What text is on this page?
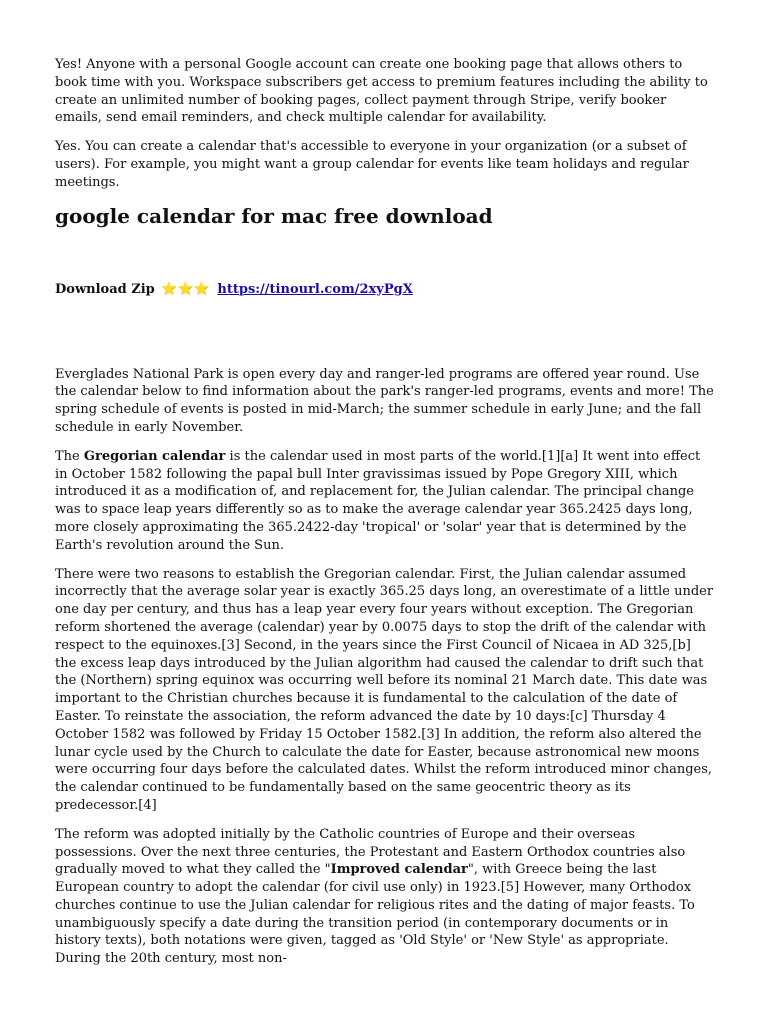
Yes! Anyone with a personal Google account can create one booking page that allows others to book time with you. Workspace subscribers get access to premium features including the ability to create an unlimited number of booking pages, collect payment through Stripe, verify booker emails, send email reminders, and check multiple calendar for availability.

Yes. You can create a calendar that's accessible to everyone in your organization (or a subset of users). For example, you might want a group calendar for events like team holidays and regular meetings.

google calendar for mac free download

Download Zip ⭐⭐⭐ https://tinourl.com/2xyPgX

Everglades National Park is open every day and ranger-led programs are offered year round. Use the calendar below to find information about the park's ranger-led programs, events and more! The spring schedule of events is posted in mid-March; the summer schedule in early June; and the fall schedule in early November.

The Gregorian calendar is the calendar used in most parts of the world.[1][a] It went into effect in October 1582 following the papal bull Inter gravissimas issued by Pope Gregory XIII, which introduced it as a modification of, and replacement for, the Julian calendar. The principal change was to space leap years differently so as to make the average calendar year 365.2425 days long, more closely approximating the 365.2422-day 'tropical' or 'solar' year that is determined by the Earth's revolution around the Sun.

There were two reasons to establish the Gregorian calendar. First, the Julian calendar assumed incorrectly that the average solar year is exactly 365.25 days long, an overestimate of a little under one day per century, and thus has a leap year every four years without exception. The Gregorian reform shortened the average (calendar) year by 0.0075 days to stop the drift of the calendar with respect to the equinoxes.[3] Second, in the years since the First Council of Nicaea in AD 325,[b] the excess leap days introduced by the Julian algorithm had caused the calendar to drift such that the (Northern) spring equinox was occurring well before its nominal 21 March date. This date was important to the Christian churches because it is fundamental to the calculation of the date of Easter. To reinstate the association, the reform advanced the date by 10 days:[c] Thursday 4 October 1582 was followed by Friday 15 October 1582.[3] In addition, the reform also altered the lunar cycle used by the Church to calculate the date for Easter, because astronomical new moons were occurring four days before the calculated dates. Whilst the reform introduced minor changes, the calendar continued to be fundamentally based on the same geocentric theory as its predecessor.[4]

The reform was adopted initially by the Catholic countries of Europe and their overseas possessions. Over the next three centuries, the Protestant and Eastern Orthodox countries also gradually moved to what they called the "Improved calendar", with Greece being the last European country to adopt the calendar (for civil use only) in 1923.[5] However, many Orthodox churches continue to use the Julian calendar for religious rites and the dating of major feasts. To unambiguously specify a date during the transition period (in contemporary documents or in history texts), both notations were given, tagged as 'Old Style' or 'New Style' as appropriate. During the 20th century, most non-
